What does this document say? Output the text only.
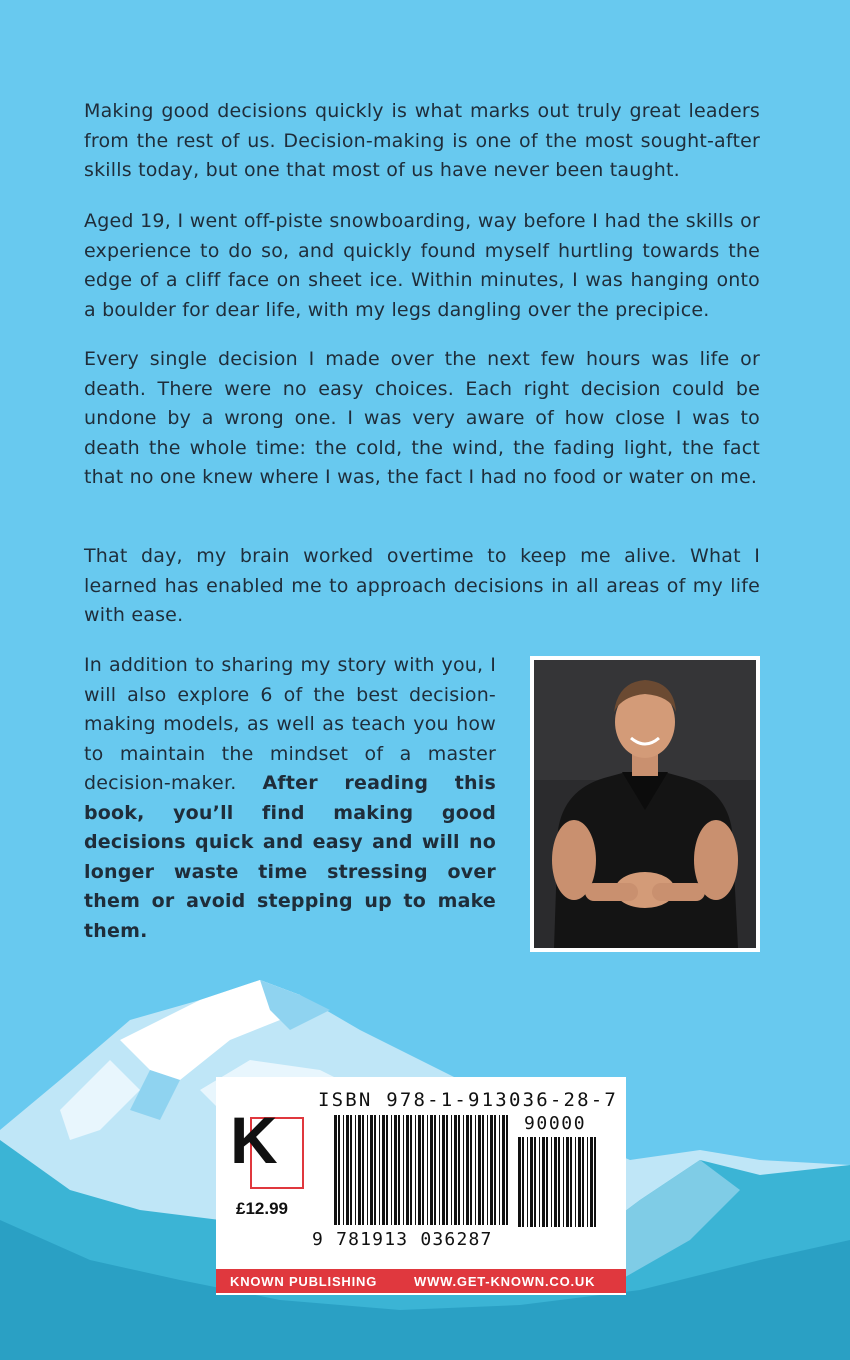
Making good decisions quickly is what marks out truly great leaders from the rest of us. Decision-making is one of the most sought-after skills today, but one that most of us have never been taught.

Aged 19, I went off-piste snowboarding, way before I had the skills or experience to do so, and quickly found myself hurtling towards the edge of a cliff face on sheet ice. Within minutes, I was hanging onto a boulder for dear life, with my legs dangling over the precipice.

Every single decision I made over the next few hours was life or death. There were no easy choices. Each right decision could be undone by a wrong one. I was very aware of how close I was to death the whole time: the cold, the wind, the fading light, the fact that no one knew where I was, the fact I had no food or water on me.

That day, my brain worked overtime to keep me alive. What I learned has enabled me to approach decisions in all areas of my life with ease.

In addition to sharing my story with you, I will also explore 6 of the best decision-making models, as well as teach you how to maintain the mindset of a master decision-maker. After reading this book, you’ll find making good decisions quick and easy and will no longer waste time stressing over them or avoid stepping up to make them.

K
£12.99
ISBN 978-1-913036-28-7
90000
9 781913 036287
KNOWN PUBLISHING	WWW.GET-KNOWN.CO.UK
